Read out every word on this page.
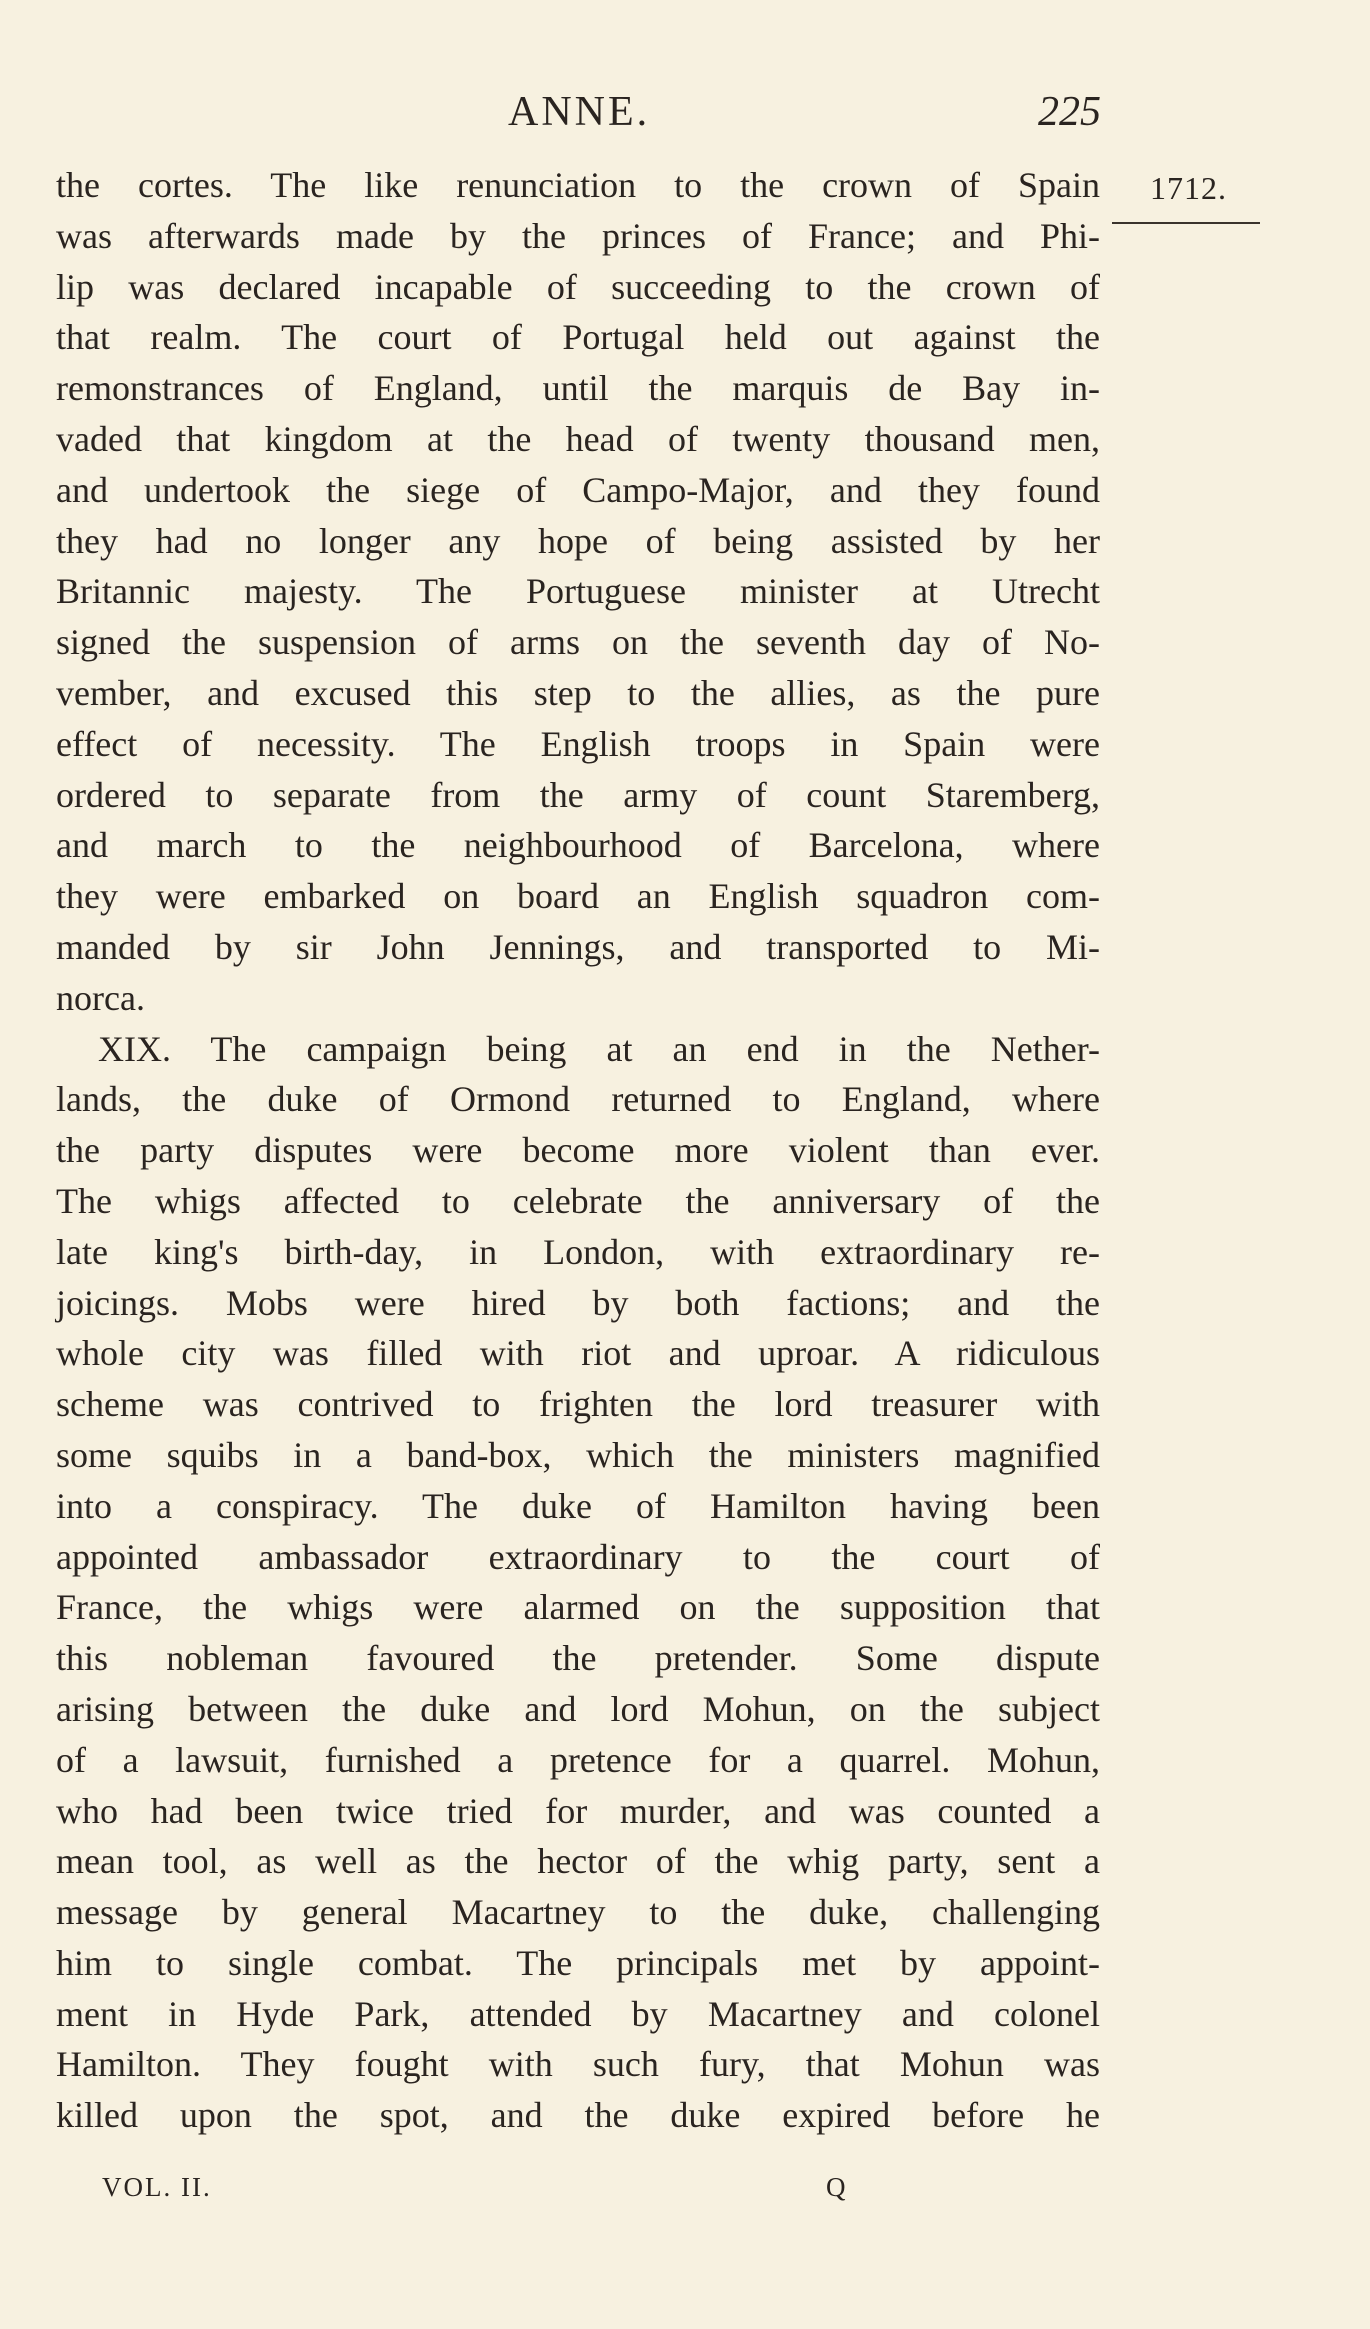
ANNE.	225
1712.
the cortes. The like renunciation to the crown of Spain
was afterwards made by the princes of France; and Phi-
lip was declared incapable of succeeding to the crown of
that realm. The court of Portugal held out against the
remonstrances of England, until the marquis de Bay in-
vaded that kingdom at the head of twenty thousand men,
and undertook the siege of Campo-Major, and they found
they had no longer any hope of being assisted by her
Britannic majesty. The Portuguese minister at Utrecht
signed the suspension of arms on the seventh day of No-
vember, and excused this step to the allies, as the pure
effect of necessity. The English troops in Spain were
ordered to separate from the army of count Staremberg,
and march to the neighbourhood of Barcelona, where
they were embarked on board an English squadron com-
manded by sir John Jennings, and transported to Mi-
norca.
XIX. The campaign being at an end in the Nether-
lands, the duke of Ormond returned to England, where
the party disputes were become more violent than ever.
The whigs affected to celebrate the anniversary of the
late king's birth-day, in London, with extraordinary re-
joicings. Mobs were hired by both factions; and the
whole city was filled with riot and uproar. A ridiculous
scheme was contrived to frighten the lord treasurer with
some squibs in a band-box, which the ministers magnified
into a conspiracy. The duke of Hamilton having been
appointed ambassador extraordinary to the court of
France, the whigs were alarmed on the supposition that
this nobleman favoured the pretender. Some dispute
arising between the duke and lord Mohun, on the subject
of a lawsuit, furnished a pretence for a quarrel. Mohun,
who had been twice tried for murder, and was counted a
mean tool, as well as the hector of the whig party, sent a
message by general Macartney to the duke, challenging
him to single combat. The principals met by appoint-
ment in Hyde Park, attended by Macartney and colonel
Hamilton. They fought with such fury, that Mohun was
killed upon the spot, and the duke expired before he
VOL. II.	Q
